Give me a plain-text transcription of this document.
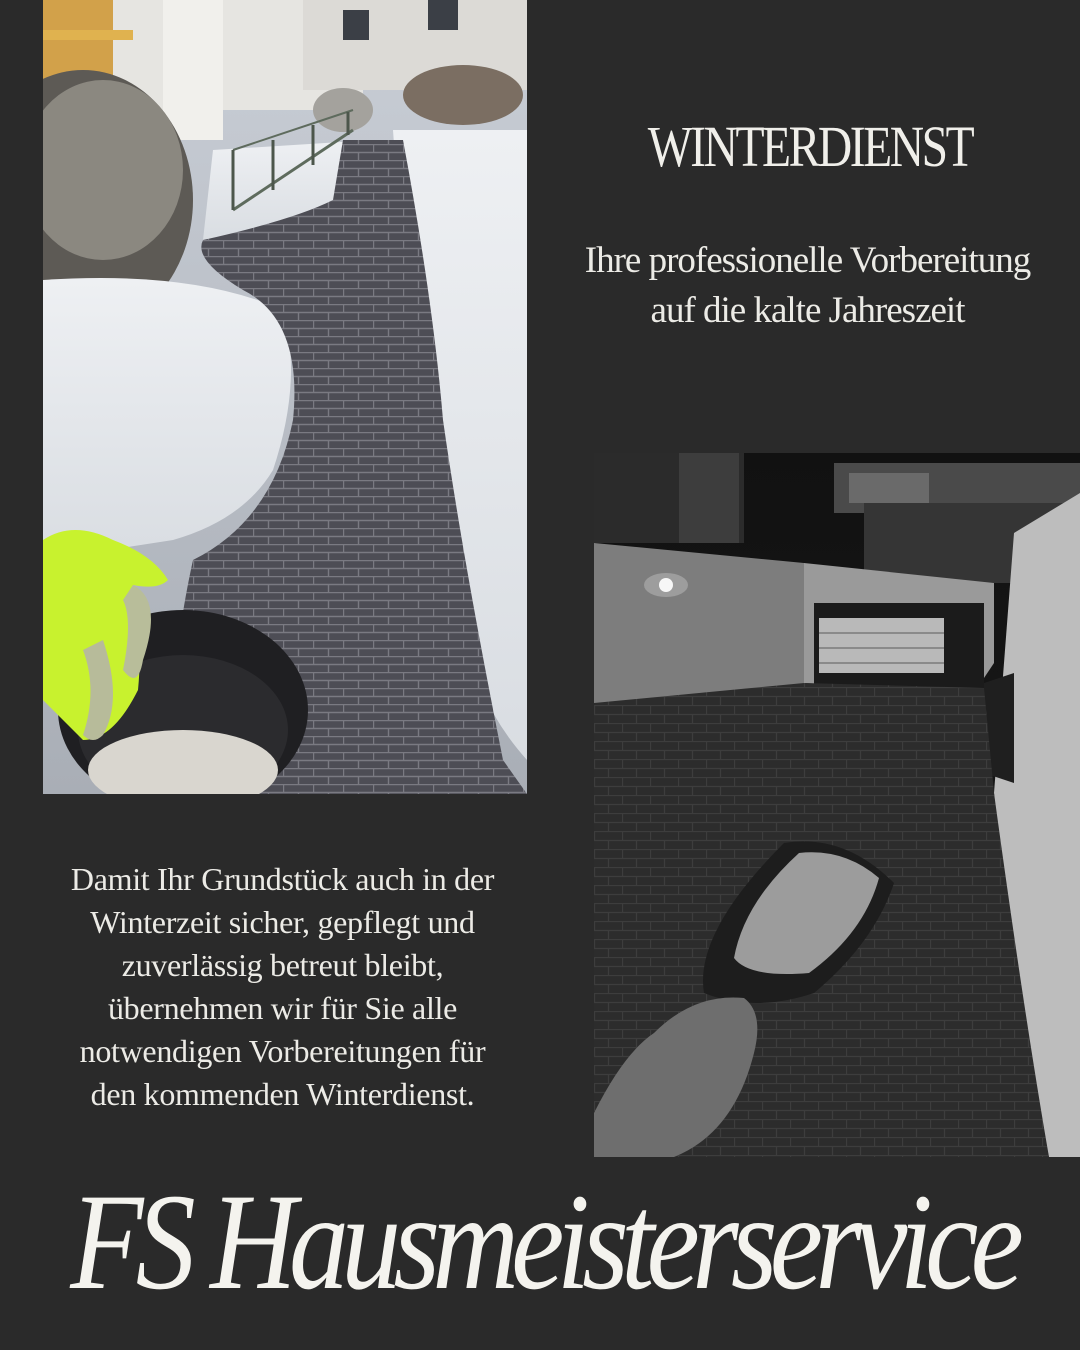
WINTERDIENST
Ihre professionelle Vorbereitung
auf die kalte Jahreszeit
Damit Ihr Grundstück auch in der
Winterzeit sicher, gepflegt und
zuverlässig betreut bleibt,
übernehmen wir für Sie alle
notwendigen Vorbereitungen für
den kommenden Winterdienst.
FS Hausmeisterservice
